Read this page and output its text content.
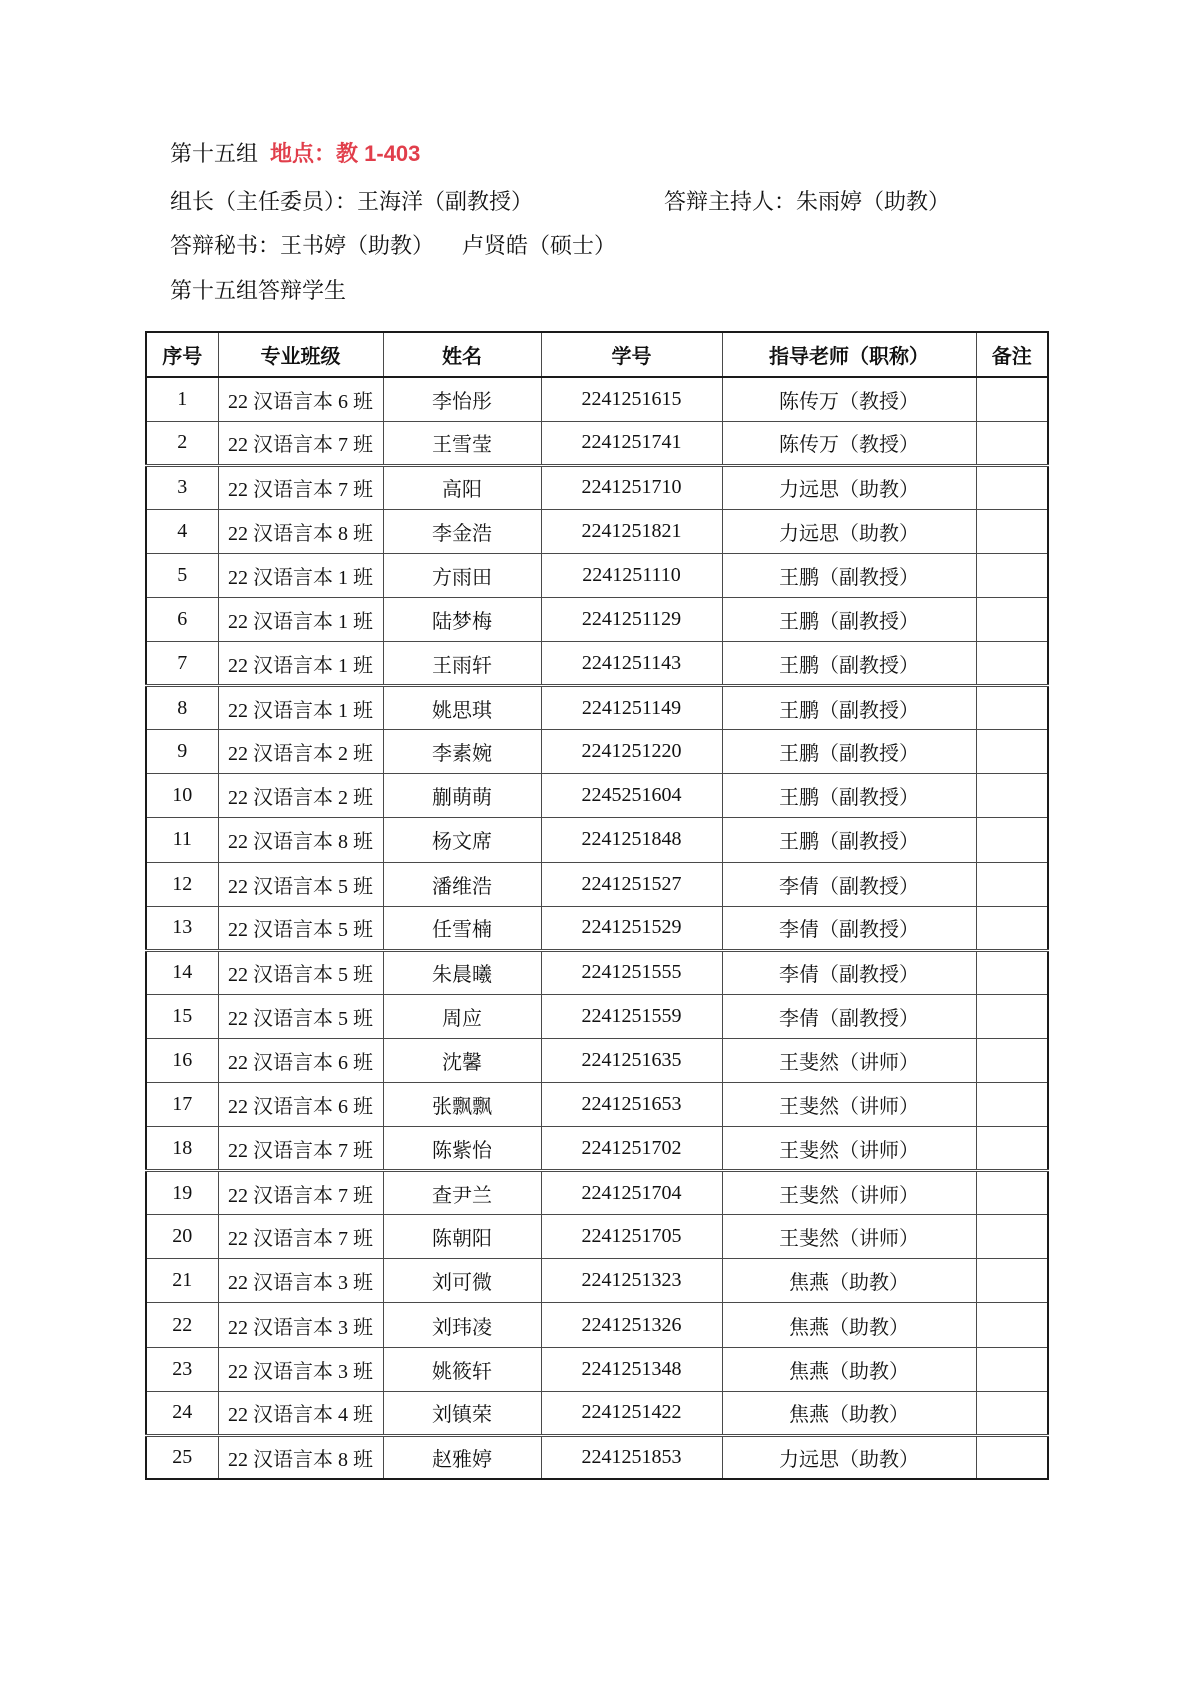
第十五组 地点：教 1-403
组长（主任委员）：王海洋（副教授）	答辩主持人：朱雨婷（助教）
答辩秘书：王书婷（助教） 卢贤皓（硕士）
第十五组答辩学生
序号	专业班级	姓名	学号	指导老师（职称）	备注
1	22 汉语言本 6 班	李怡彤	2241251615	陈传万（教授）	
2	22 汉语言本 7 班	王雪莹	2241251741	陈传万（教授）	
3	22 汉语言本 7 班	高阳	2241251710	力远思（助教）	
4	22 汉语言本 8 班	李金浩	2241251821	力远思（助教）	
5	22 汉语言本 1 班	方雨田	2241251110	王鹏（副教授）	
6	22 汉语言本 1 班	陆梦梅	2241251129	王鹏（副教授）	
7	22 汉语言本 1 班	王雨轩	2241251143	王鹏（副教授）	
8	22 汉语言本 1 班	姚思琪	2241251149	王鹏（副教授）	
9	22 汉语言本 2 班	李素婉	2241251220	王鹏（副教授）	
10	22 汉语言本 2 班	蒯萌萌	2245251604	王鹏（副教授）	
11	22 汉语言本 8 班	杨文席	2241251848	王鹏（副教授）	
12	22 汉语言本 5 班	潘维浩	2241251527	李倩（副教授）	
13	22 汉语言本 5 班	任雪楠	2241251529	李倩（副教授）	
14	22 汉语言本 5 班	朱晨曦	2241251555	李倩（副教授）	
15	22 汉语言本 5 班	周应	2241251559	李倩（副教授）	
16	22 汉语言本 6 班	沈馨	2241251635	王斐然（讲师）	
17	22 汉语言本 6 班	张飘飘	2241251653	王斐然（讲师）	
18	22 汉语言本 7 班	陈紫怡	2241251702	王斐然（讲师）	
19	22 汉语言本 7 班	查尹兰	2241251704	王斐然（讲师）	
20	22 汉语言本 7 班	陈朝阳	2241251705	王斐然（讲师）	
21	22 汉语言本 3 班	刘可微	2241251323	焦燕（助教）	
22	22 汉语言本 3 班	刘玮凌	2241251326	焦燕（助教）	
23	22 汉语言本 3 班	姚筱轩	2241251348	焦燕（助教）	
24	22 汉语言本 4 班	刘镇荣	2241251422	焦燕（助教）	
25	22 汉语言本 8 班	赵雅婷	2241251853	力远思（助教）	
